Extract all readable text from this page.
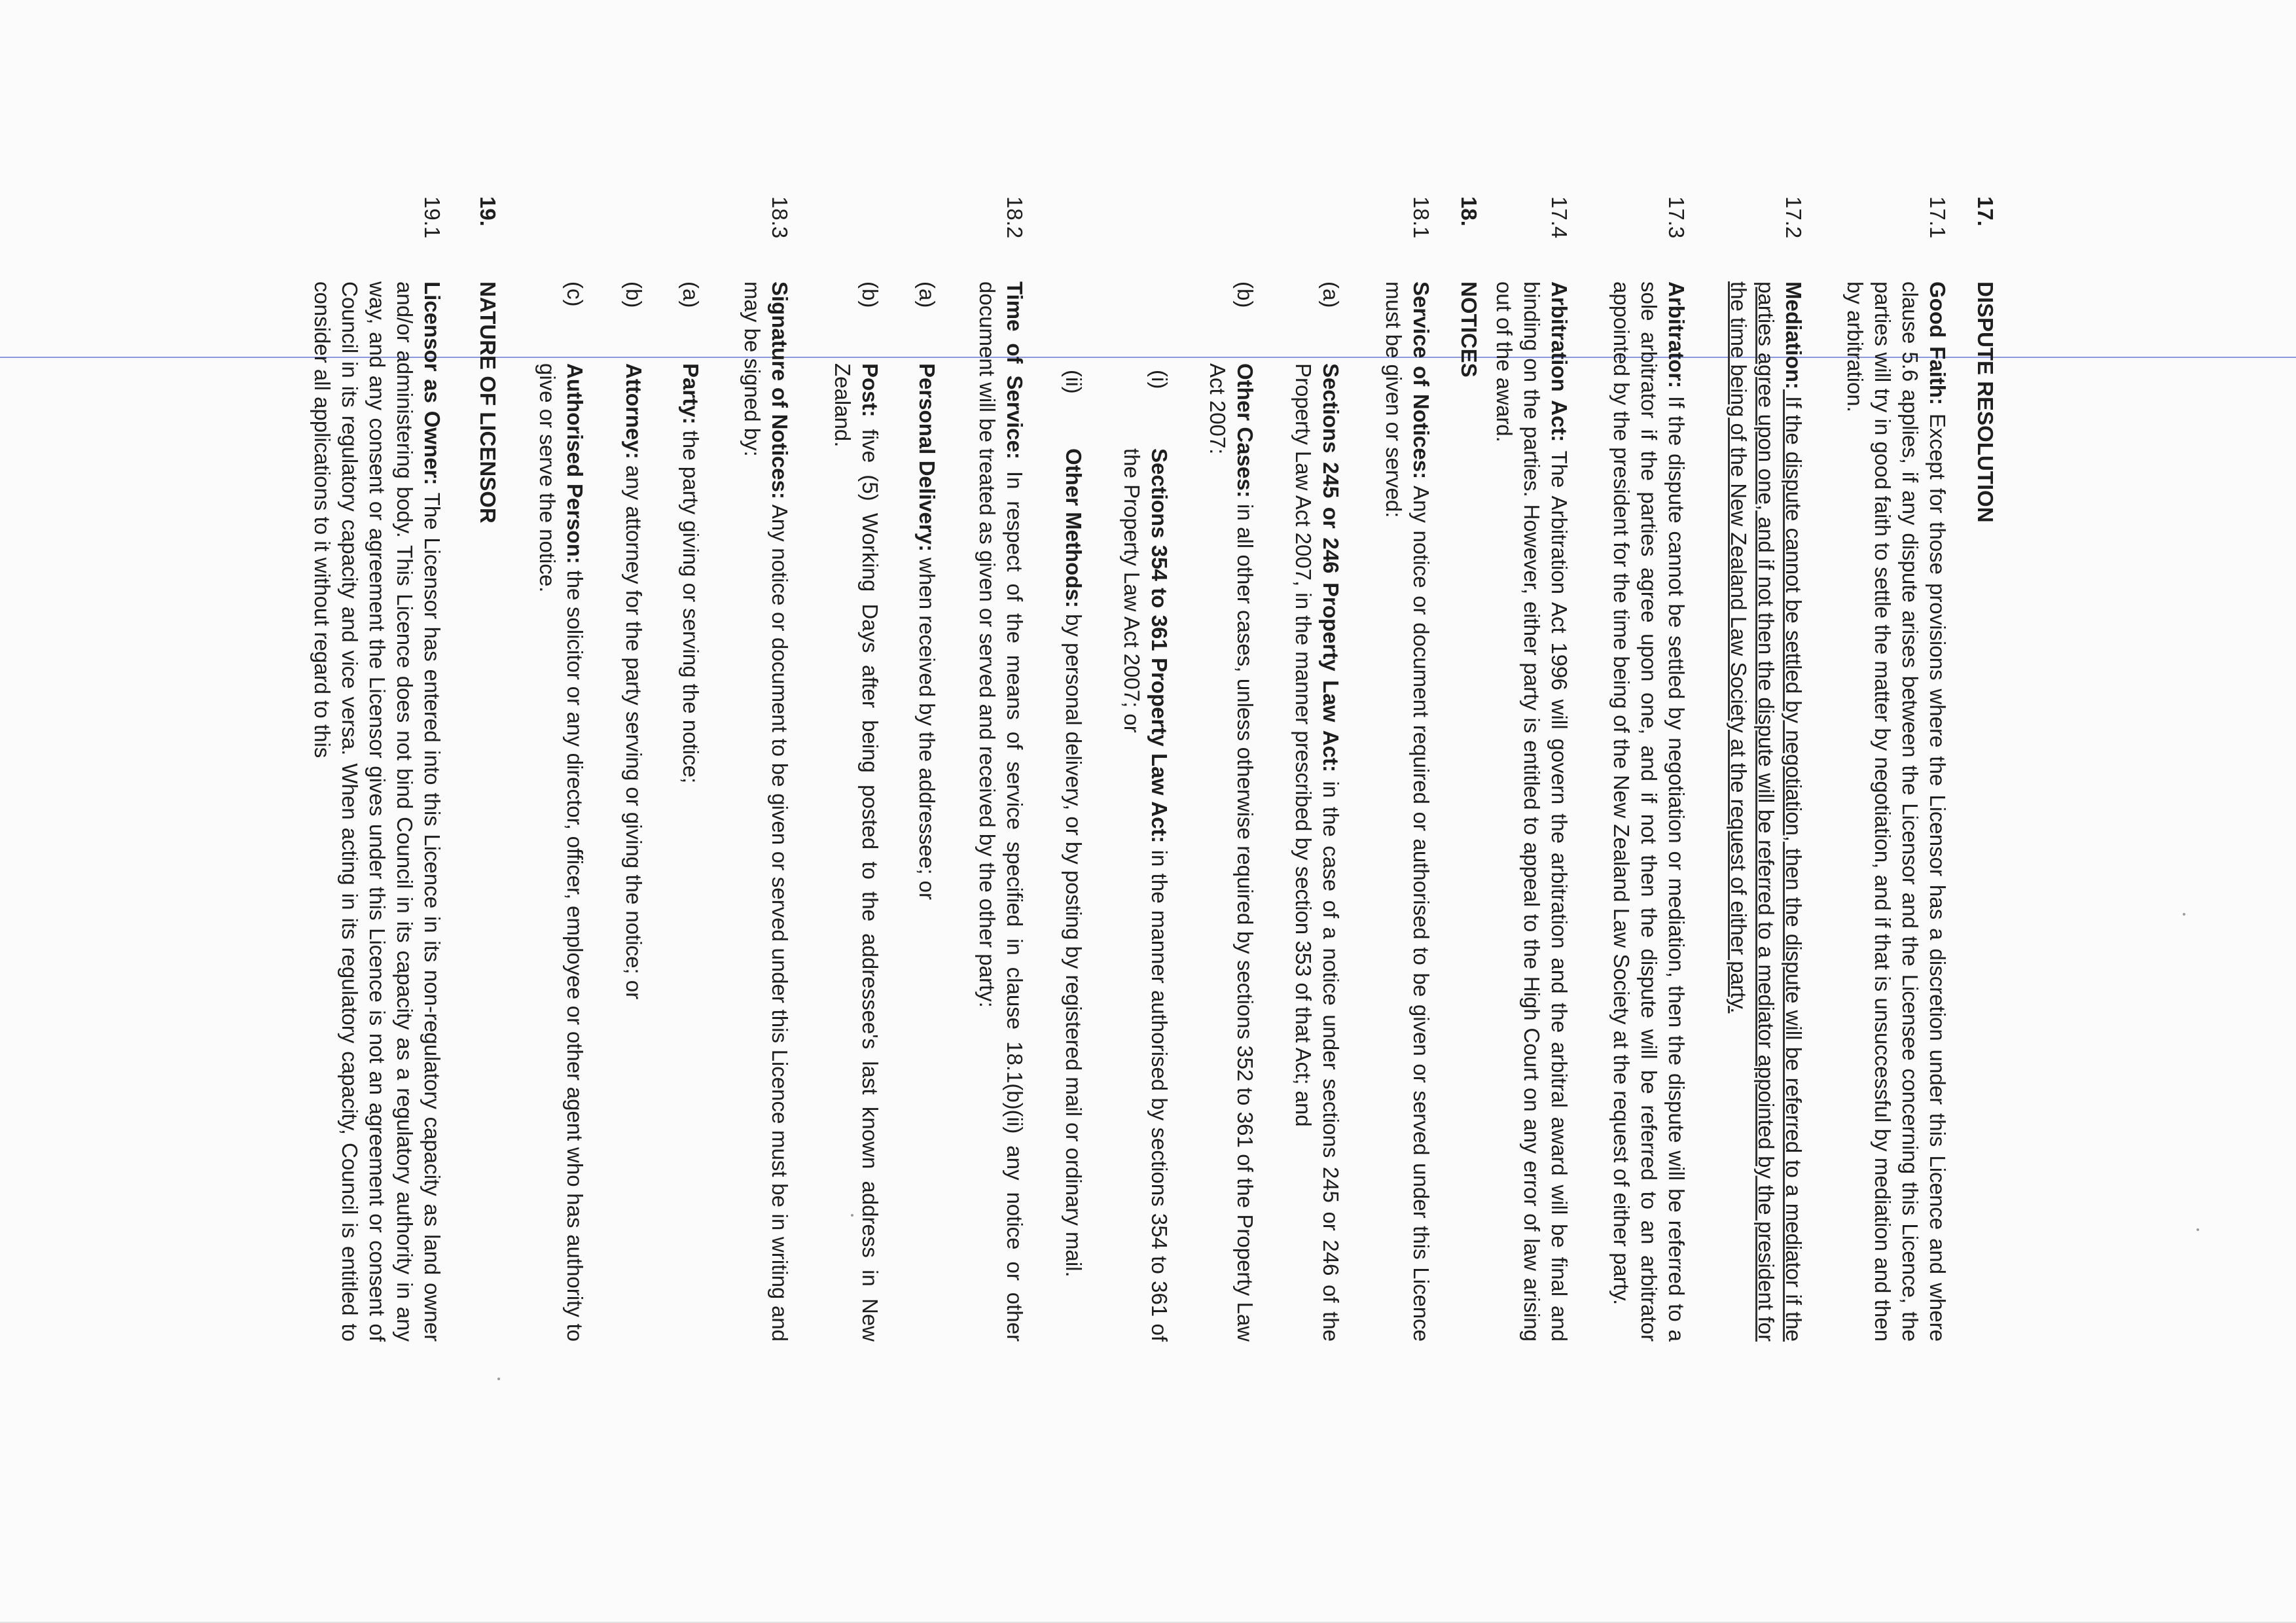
17.
DISPUTE RESOLUTION
17.1
Good Faith: Except for those provisions where the Licensor has a discretion under this Licence and where clause 5.6 applies, if any dispute arises between the Licensor and the Licensee concerning this Licence, the parties will try in good faith to settle the matter by negotiation, and if that is unsuccessful by mediation and then by arbitration.
17.2
Mediation: If the dispute cannot be settled by negotiation, then the dispute will be referred to a mediator if the parties agree upon one, and if not then the dispute will be referred to a mediator appointed by the president for the time being of the New Zealand Law Society at the request of either party.
17.3
Arbitrator: If the dispute cannot be settled by negotiation or mediation, then the dispute will be referred to a sole arbitrator if the parties agree upon one, and if not then the dispute will be referred to an arbitrator appointed by the president for the time being of the New Zealand Law Society at the request of either party.
17.4
Arbitration Act: The Arbitration Act 1996 will govern the arbitration and the arbitral award will be final and binding on the parties. However, either party is entitled to appeal to the High Court on any error of law arising out of the award.
18.
NOTICES
18.1
Service of Notices: Any notice or document required or authorised to be given or served under this Licence must be given or served:
(a)
Sections 245 or 246 Property Law Act: in the case of a notice under sections 245 or 246 of the Property Law Act 2007, in the manner prescribed by section 353 of that Act; and
(b)
Other Cases: in all other cases, unless otherwise required by sections 352 to 361 of the Property Law Act 2007:
(i)
Sections 354 to 361 Property Law Act: in the manner authorised by sections 354 to 361 of the Property Law Act 2007; or
(ii)
Other Methods: by personal delivery, or by posting by registered mail or ordinary mail.
18.2
Time of Service: In respect of the means of service specified in clause 18.1(b)(ii) any notice or other document will be treated as given or served and received by the other party:
(a)
Personal Delivery: when received by the addressee; or
(b)
Post: five (5) Working Days after being posted to the addressee's last known address in New Zealand.
18.3
Signature of Notices: Any notice or document to be given or served under this Licence must be in writing and may be signed by:
(a)
Party: the party giving or serving the notice;
(b)
Attorney: any attorney for the party serving or giving the notice; or
(c)
Authorised Person: the solicitor or any director, officer, employee or other agent who has authority to give or serve the notice.
19.
NATURE OF LICENSOR
19.1
Licensor as Owner: The Licensor has entered into this Licence in its non-regulatory capacity as land owner and/or administering body. This Licence does not bind Council in its capacity as a regulatory authority in any way, and any consent or agreement the Licensor gives under this Licence is not an agreement or consent of Council in its regulatory capacity and vice versa. When acting in its regulatory capacity, Council is entitled to consider all applications to it without regard to this
